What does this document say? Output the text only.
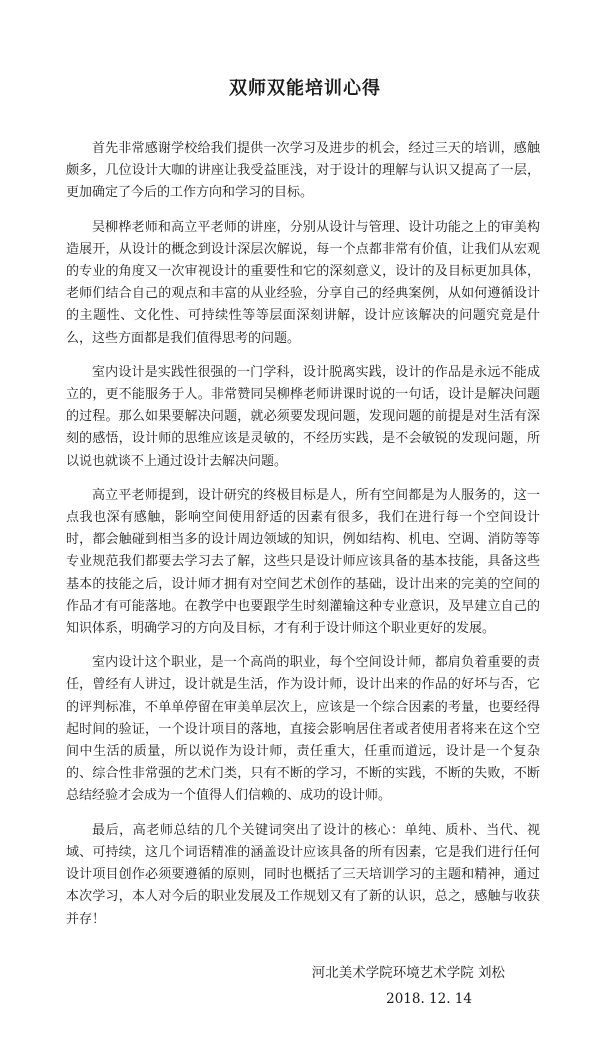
双师双能培训心得

首先非常感谢学校给我们提供一次学习及进步的机会，经过三天的培训，感触颇多，几位设计大咖的讲座让我受益匪浅，对于设计的理解与认识又提高了一层，更加确定了今后的工作方向和学习的目标。

吴柳桦老师和高立平老师的讲座，分别从设计与管理、设计功能之上的审美构造展开，从设计的概念到设计深层次解说，每一个点都非常有价值，让我们从宏观的专业的角度又一次审视设计的重要性和它的深刻意义，设计的及目标更加具体，老师们结合自己的观点和丰富的从业经验，分享自己的经典案例，从如何遵循设计的主题性、文化性、可持续性等等层面深刻讲解，设计应该解决的问题究竟是什么，这些方面都是我们值得思考的问题。

室内设计是实践性很强的一门学科，设计脱离实践，设计的作品是永远不能成立的，更不能服务于人。非常赞同吴柳桦老师讲课时说的一句话，设计是解决问题的过程。那么如果要解决问题，就必须要发现问题，发现问题的前提是对生活有深刻的感悟，设计师的思维应该是灵敏的，不经历实践，是不会敏锐的发现问题，所以说也就谈不上通过设计去解决问题。

高立平老师提到，设计研究的终极目标是人，所有空间都是为人服务的，这一点我也深有感触，影响空间使用舒适的因素有很多，我们在进行每一个空间设计时，都会触碰到相当多的设计周边领域的知识，例如结构、机电、空调、消防等等专业规范我们都要去学习去了解，这些只是设计师应该具备的基本技能，具备这些基本的技能之后，设计师才拥有对空间艺术创作的基础，设计出来的完美的空间的作品才有可能落地。在教学中也要跟学生时刻灌输这种专业意识，及早建立自己的知识体系，明确学习的方向及目标，才有利于设计师这个职业更好的发展。

室内设计这个职业，是一个高尚的职业，每个空间设计师，都肩负着重要的责任，曾经有人讲过，设计就是生活，作为设计师，设计出来的作品的好坏与否，它的评判标准，不单单停留在审美单层次上，应该是一个综合因素的考量，也要经得起时间的验证，一个设计项目的落地，直接会影响居住者或者使用者将来在这个空间中生活的质量，所以说作为设计师，责任重大，任重而道远，设计是一个复杂的、综合性非常强的艺术门类，只有不断的学习，不断的实践，不断的失败，不断总结经验才会成为一个值得人们信赖的、成功的设计师。

最后，高老师总结的几个关键词突出了设计的核心：单纯、质朴、当代、视域、可持续，这几个词语精准的涵盖设计应该具备的所有因素，它是我们进行任何设计项目创作必须要遵循的原则，同时也概括了三天培训学习的主题和精神，通过本次学习，本人对今后的职业发展及工作规划又有了新的认识，总之，感触与收获并存！

河北美术学院环境艺术学院 刘松
2018. 12. 14
